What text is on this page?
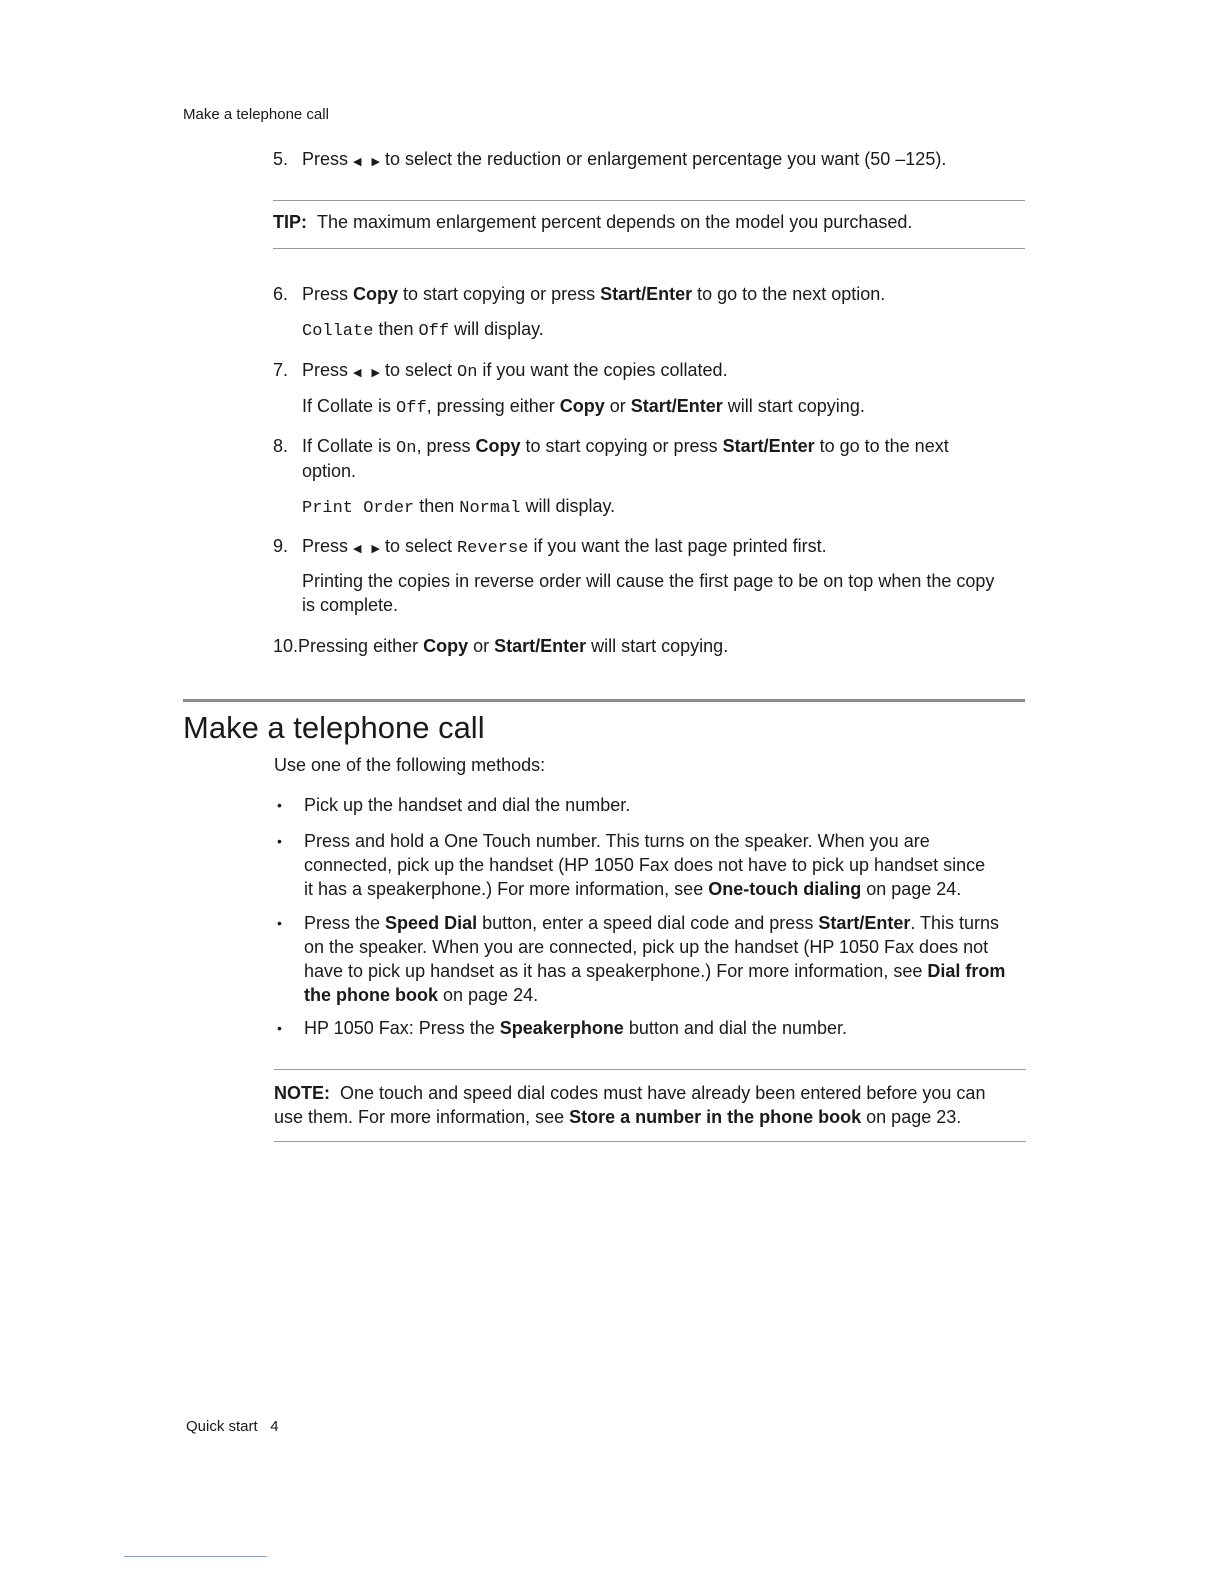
Make a telephone call
5. Press ◀ ▶ to select the reduction or enlargement percentage you want (50 –125).
TIP: The maximum enlargement percent depends on the model you purchased.
6. Press Copy to start copying or press Start/Enter to go to the next option.
Collate then Off will display.
7. Press ◀ ▶ to select On if you want the copies collated.
If Collate is Off, pressing either Copy or Start/Enter will start copying.
8. If Collate is On, press Copy to start copying or press Start/Enter to go to the next
option.
Print Order then Normal will display.
9. Press ◀ ▶ to select Reverse if you want the last page printed first.
Printing the copies in reverse order will cause the first page to be on top when the copy
is complete.
10.Pressing either Copy or Start/Enter will start copying.
Make a telephone call
Use one of the following methods:
• Pick up the handset and dial the number.
• Press and hold a One Touch number. This turns on the speaker. When you are
connected, pick up the handset (HP 1050 Fax does not have to pick up handset since
it has a speakerphone.) For more information, see One-touch dialing on page 24.
• Press the Speed Dial button, enter a speed dial code and press Start/Enter. This turns
on the speaker. When you are connected, pick up the handset (HP 1050 Fax does not
have to pick up handset as it has a speakerphone.) For more information, see Dial from
the phone book on page 24.
• HP 1050 Fax: Press the Speakerphone button and dial the number.
NOTE: One touch and speed dial codes must have already been entered before you can
use them. For more information, see Store a number in the phone book on page 23.
Quick start 4
